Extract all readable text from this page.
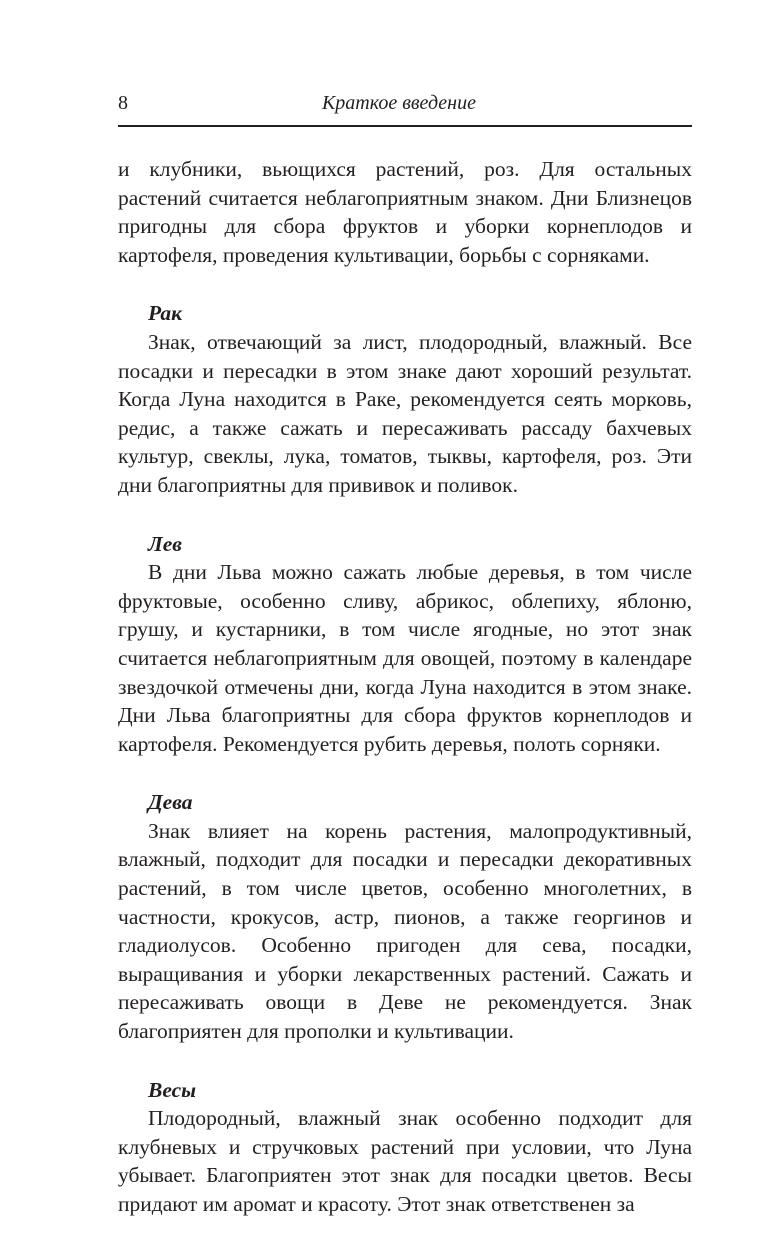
8	Краткое введение

и клубники, вьющихся растений, роз. Для остальных растений считается неблагоприятным знаком. Дни Близнецов пригодны для сбора фруктов и уборки корнеплодов и картофеля, проведения культивации, борьбы с сорняками.

Рак

Знак, отвечающий за лист, плодородный, влажный. Все посадки и пересадки в этом знаке дают хороший результат. Когда Луна находится в Раке, рекомендуется сеять морковь, редис, а также сажать и пересаживать рассаду бахчевых культур, свеклы, лука, томатов, тыквы, картофеля, роз. Эти дни благоприятны для прививок и поливок.

Лев

В дни Льва можно сажать любые деревья, в том числе фруктовые, особенно сливу, абрикос, облепиху, яблоню, грушу, и кустарники, в том числе ягодные, но этот знак считается неблагоприятным для овощей, поэтому в календаре звездочкой отмечены дни, когда Луна находится в этом знаке. Дни Льва благоприятны для сбора фруктов корнеплодов и картофеля. Рекомендуется рубить деревья, полоть сорняки.

Дева

Знак влияет на корень растения, малопродуктивный, влажный, подходит для посадки и пересадки декоративных растений, в том числе цветов, особенно многолетних, в частности, крокусов, астр, пионов, а также георгинов и гладиолусов. Особенно пригоден для сева, посадки, выращивания и уборки лекарственных растений. Сажать и пересаживать овощи в Деве не рекомендуется. Знак благоприятен для прополки и культивации.

Весы

Плодородный, влажный знак особенно подходит для клубневых и стручковых растений при условии, что Луна убывает. Благоприятен этот знак для посадки цветов. Весы придают им аромат и красоту. Этот знак ответственен за
